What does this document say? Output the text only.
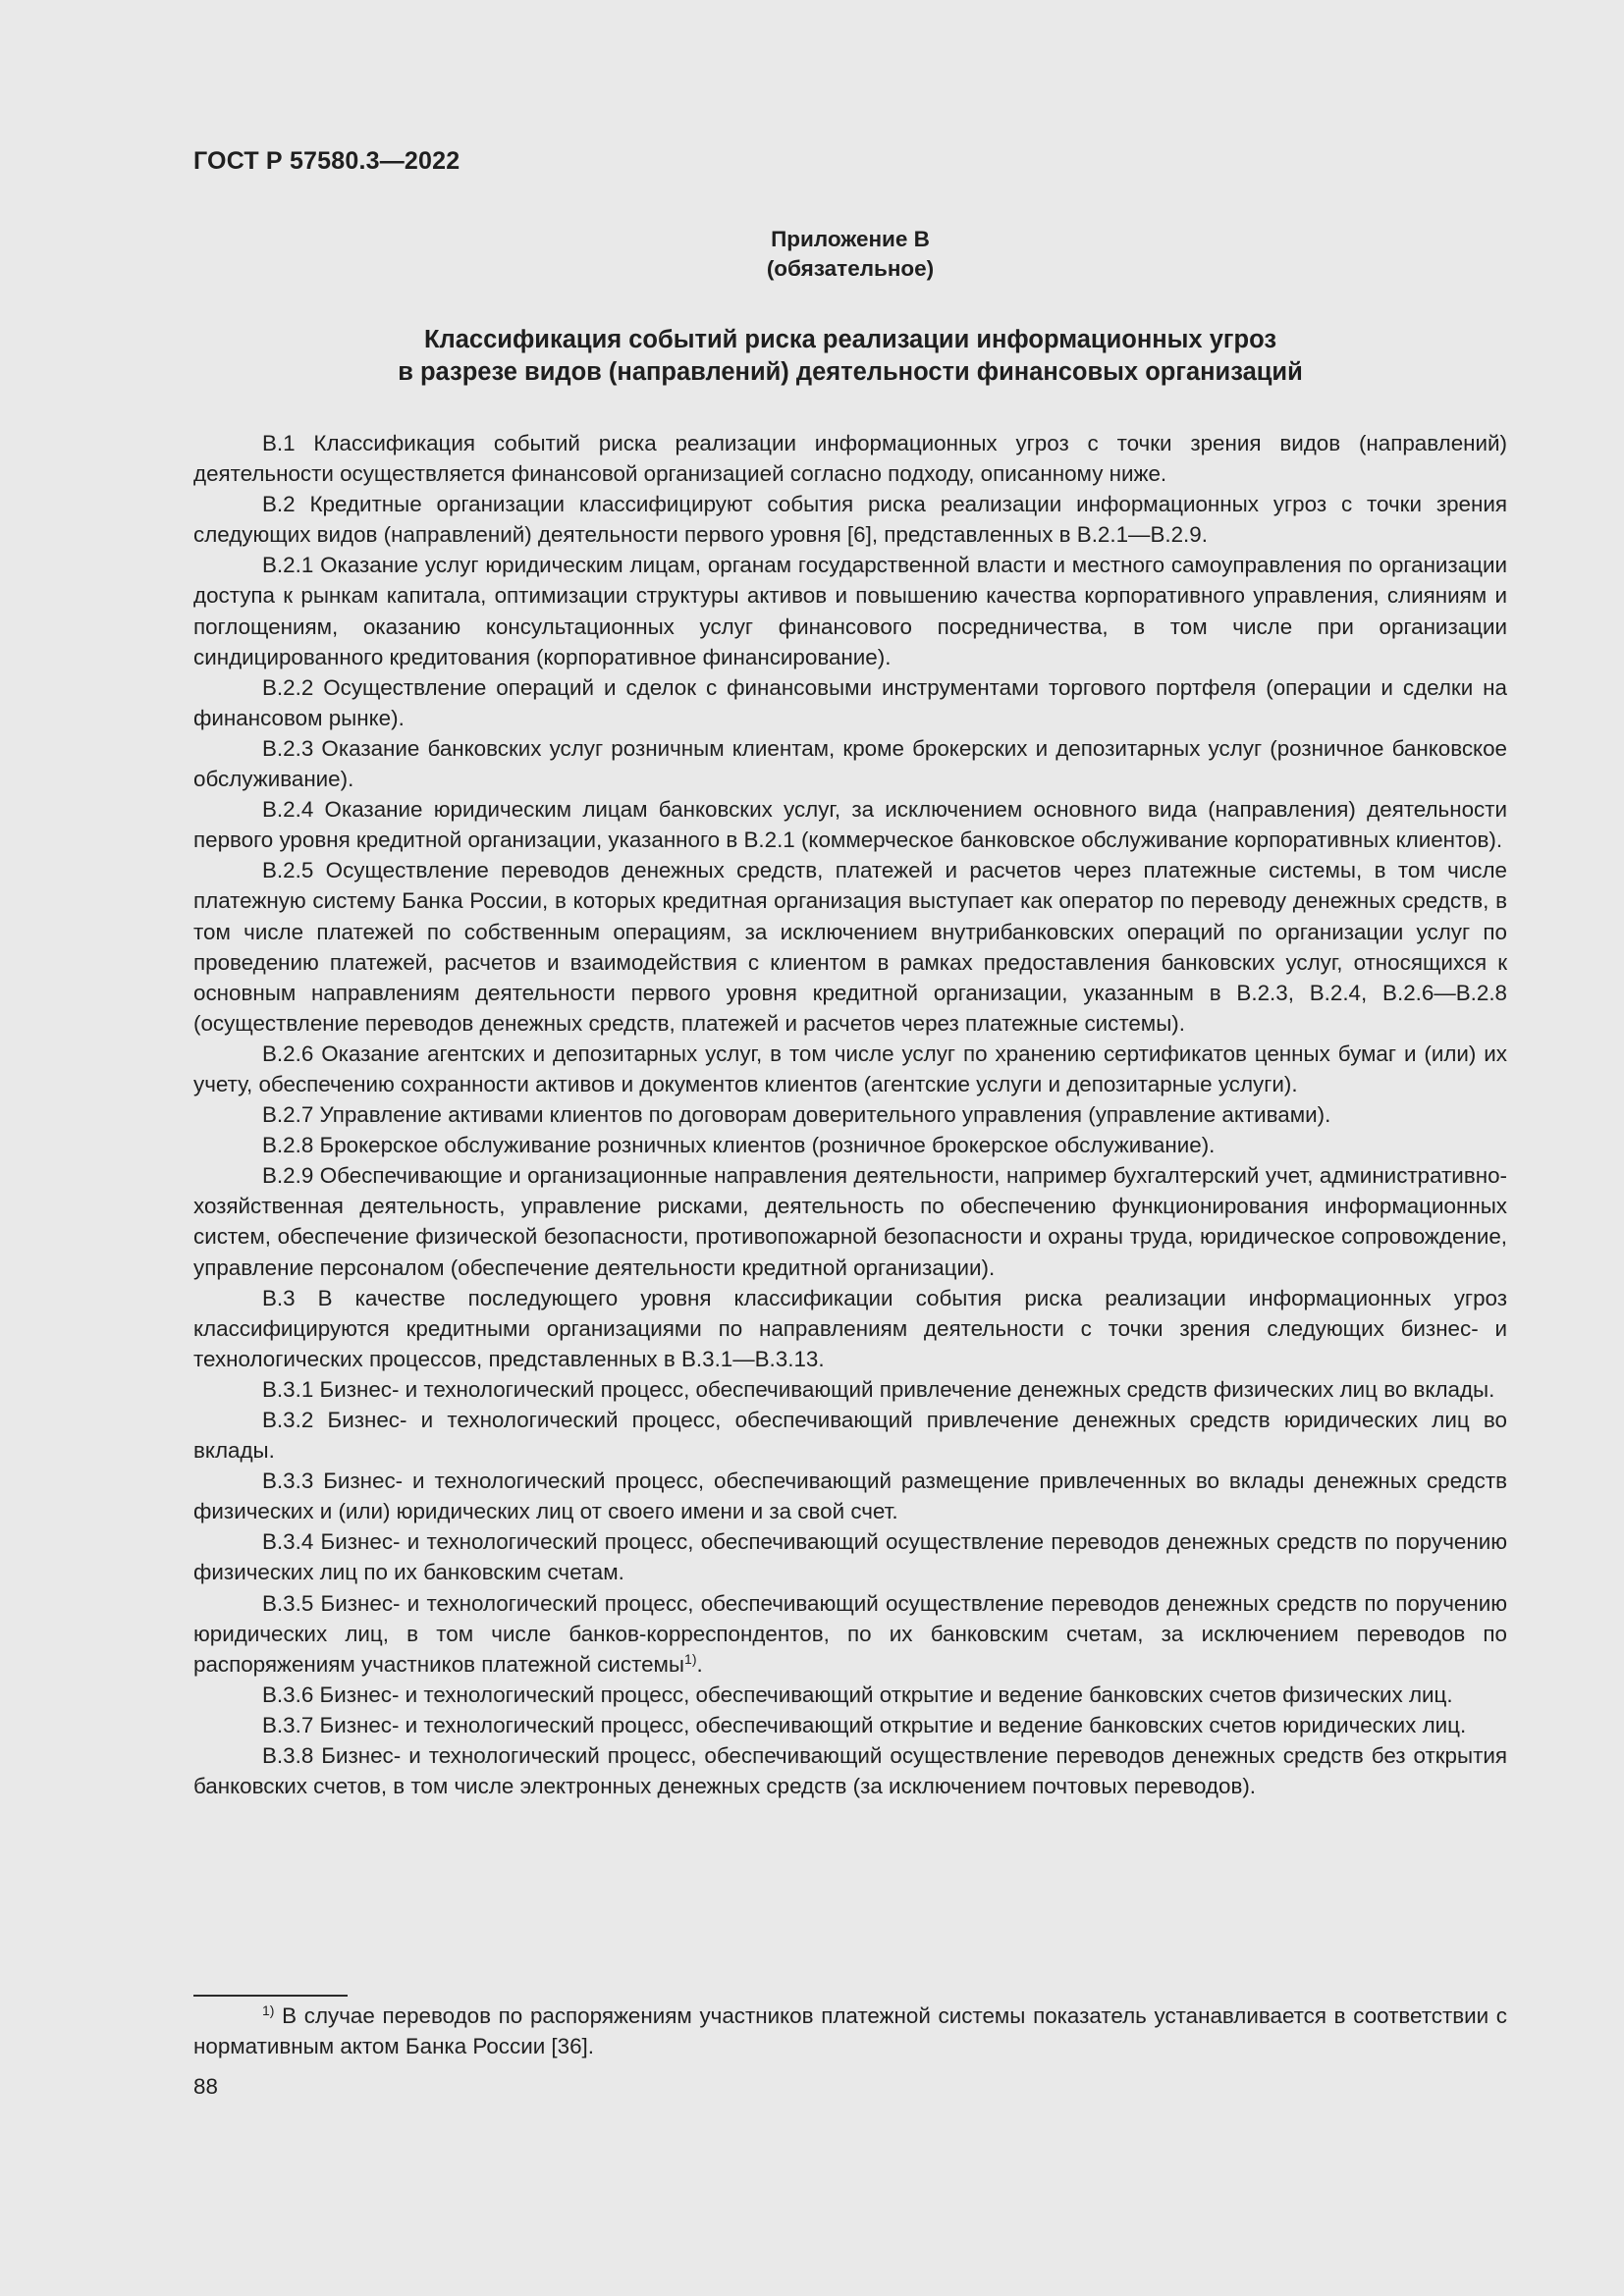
ГОСТ Р 57580.3—2022
Приложение В
(обязательное)
Классификация событий риска реализации информационных угроз
в разрезе видов (направлений) деятельности финансовых организаций

В.1 Классификация событий риска реализации информационных угроз с точки зрения видов (направлений) деятельности осуществляется финансовой организацией согласно подходу, описанному ниже.

В.2 Кредитные организации классифицируют события риска реализации информационных угроз с точки зрения следующих видов (направлений) деятельности первого уровня [6], представленных в В.2.1—В.2.9.

В.2.1 Оказание услуг юридическим лицам, органам государственной власти и местного самоуправления по организации доступа к рынкам капитала, оптимизации структуры активов и повышению качества корпоративного управления, слияниям и поглощениям, оказанию консультационных услуг финансового посредничества, в том числе при организации синдицированного кредитования (корпоративное финансирование).

В.2.2 Осуществление операций и сделок с финансовыми инструментами торгового портфеля (операции и сделки на финансовом рынке).

В.2.3 Оказание банковских услуг розничным клиентам, кроме брокерских и депозитарных услуг (розничное банковское обслуживание).

В.2.4 Оказание юридическим лицам банковских услуг, за исключением основного вида (направления) деятельности первого уровня кредитной организации, указанного в В.2.1 (коммерческое банковское обслуживание корпоративных клиентов).

В.2.5 Осуществление переводов денежных средств, платежей и расчетов через платежные системы, в том числе платежную систему Банка России, в которых кредитная организация выступает как оператор по переводу денежных средств, в том числе платежей по собственным операциям, за исключением внутрибанковских операций по организации услуг по проведению платежей, расчетов и взаимодействия с клиентом в рамках предоставления банковских услуг, относящихся к основным направлениям деятельности первого уровня кредитной организации, указанным в В.2.3, В.2.4, В.2.6—В.2.8 (осуществление переводов денежных средств, платежей и расчетов через платежные системы).

В.2.6 Оказание агентских и депозитарных услуг, в том числе услуг по хранению сертификатов ценных бумаг и (или) их учету, обеспечению сохранности активов и документов клиентов (агентские услуги и депозитарные услуги).

В.2.7 Управление активами клиентов по договорам доверительного управления (управление активами).

В.2.8 Брокерское обслуживание розничных клиентов (розничное брокерское обслуживание).

В.2.9 Обеспечивающие и организационные направления деятельности, например бухгалтерский учет, административно-хозяйственная деятельность, управление рисками, деятельность по обеспечению функционирования информационных систем, обеспечение физической безопасности, противопожарной безопасности и охраны труда, юридическое сопровождение, управление персоналом (обеспечение деятельности кредитной организации).

В.3 В качестве последующего уровня классификации события риска реализации информационных угроз классифицируются кредитными организациями по направлениям деятельности с точки зрения следующих бизнес- и технологических процессов, представленных в В.3.1—В.3.13.

В.3.1 Бизнес- и технологический процесс, обеспечивающий привлечение денежных средств физических лиц во вклады.

В.3.2 Бизнес- и технологический процесс, обеспечивающий привлечение денежных средств юридических лиц во вклады.

В.3.3 Бизнес- и технологический процесс, обеспечивающий размещение привлеченных во вклады денежных средств физических и (или) юридических лиц от своего имени и за свой счет.

В.3.4 Бизнес- и технологический процесс, обеспечивающий осуществление переводов денежных средств по поручению физических лиц по их банковским счетам.

В.3.5 Бизнес- и технологический процесс, обеспечивающий осуществление переводов денежных средств по поручению юридических лиц, в том числе банков-корреспондентов, по их банковским счетам, за исключением переводов по распоряжениям участников платежной системы$^{1)}$.

В.3.6 Бизнес- и технологический процесс, обеспечивающий открытие и ведение банковских счетов физических лиц.

В.3.7 Бизнес- и технологический процесс, обеспечивающий открытие и ведение банковских счетов юридических лиц.

В.3.8 Бизнес- и технологический процесс, обеспечивающий осуществление переводов денежных средств без открытия банковских счетов, в том числе электронных денежных средств (за исключением почтовых переводов).

$^{1)}$ В случае переводов по распоряжениям участников платежной системы показатель устанавливается в соответствии с нормативным актом Банка России [36].

88
